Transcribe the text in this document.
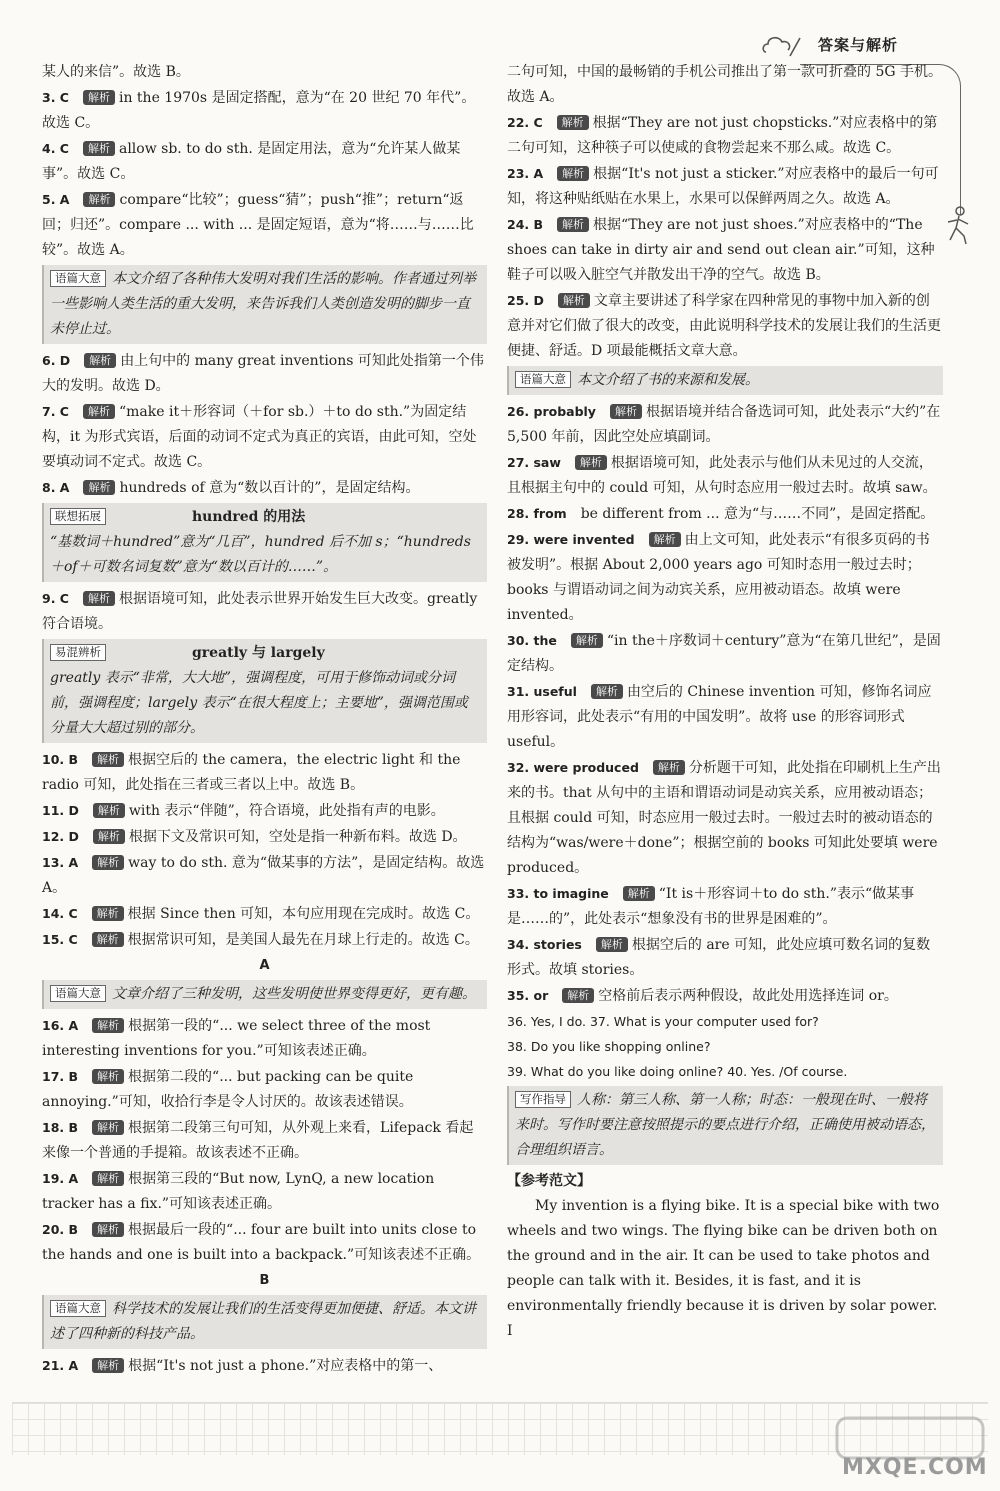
答案与解析
某人的来信”。故选 B。
3. C 解析 in the 1970s 是固定搭配，意为“在 20 世纪 70 年代”。故选 C。
4. C 解析 allow sb. to do sth. 是固定用法，意为“允许某人做某事”。故选 C。
5. A 解析 compare“比较”；guess“猜”；push“推”；return“返回；归还”。compare ... with ... 是固定短语，意为“将……与……比较”。故选 A。
语篇大意 本文介绍了各种伟大发明对我们生活的影响。作者通过列举一些影响人类生活的重大发明，来告诉我们人类创造发明的脚步一直未停止过。
6. D 解析 由上句中的 many great inventions 可知此处指第一个伟大的发明。故选 D。
7. C 解析 “make it＋形容词（＋for sb.）＋to do sth.”为固定结构，it 为形式宾语，后面的动词不定式为真正的宾语，由此可知，空处要填动词不定式。故选 C。
8. A 解析 hundreds of 意为“数以百计的”，是固定结构。
联想拓展	hundred 的用法
“基数词＋hundred”意为“几百”，hundred 后不加 s；“hundreds＋of＋可数名词复数”意为“数以百计的……”。
9. C 解析 根据语境可知，此处表示世界开始发生巨大改变。greatly 符合语境。
易混辨析	greatly 与 largely
greatly 表示“非常，大大地”，强调程度，可用于修饰动词或分词前，强调程度；largely 表示“在很大程度上；主要地”，强调范围或分量大大超过别的部分。
10. B 解析 根据空后的 the camera，the electric light 和 the radio 可知，此处指在三者或三者以上中。故选 B。
11. D 解析 with 表示“伴随”，符合语境，此处指有声的电影。
12. D 解析 根据下文及常识可知，空处是指一种新布料。故选 D。
13. A 解析 way to do sth. 意为“做某事的方法”，是固定结构。故选 A。
14. C 解析 根据 Since then 可知，本句应用现在完成时。故选 C。
15. C 解析 根据常识可知，是美国人最先在月球上行走的。故选 C。
A
语篇大意 文章介绍了三种发明，这些发明使世界变得更好，更有趣。
16. A 解析 根据第一段的“... we select three of the most interesting inventions for you.”可知该表述正确。
17. B 解析 根据第二段的“... but packing can be quite annoying.”可知，收拾行李是令人讨厌的。故该表述错误。
18. B 解析 根据第二段第三句可知，从外观上来看，Lifepack 看起来像一个普通的手提箱。故该表述不正确。
19. A 解析 根据第三段的“But now, LynQ, a new location tracker has a fix.”可知该表述正确。
20. B 解析 根据最后一段的“... four are built into units close to the hands and one is built into a backpack.”可知该表述不正确。
B
语篇大意 科学技术的发展让我们的生活变得更加便捷、舒适。本文讲述了四种新的科技产品。
21. A 解析 根据“It's not just a phone.”对应表格中的第一、
二句可知，中国的最畅销的手机公司推出了第一款可折叠的 5G 手机。故选 A。
22. C 解析 根据“They are not just chopsticks.”对应表格中的第二句可知，这种筷子可以使咸的食物尝起来不那么咸。故选 C。
23. A 解析 根据“It's not just a sticker.”对应表格中的最后一句可知，将这种贴纸贴在水果上，水果可以保鲜两周之久。故选 A。
24. B 解析 根据“They are not just shoes.”对应表格中的“The shoes can take in dirty air and send out clean air.”可知，这种鞋子可以吸入脏空气并散发出干净的空气。故选 B。
25. D 解析 文章主要讲述了科学家在四种常见的事物中加入新的创意并对它们做了很大的改变，由此说明科学技术的发展让我们的生活更便捷、舒适。D 项最能概括文章大意。
语篇大意 本文介绍了书的来源和发展。
26. probably 解析 根据语境并结合备选词可知，此处表示“大约”在 5,500 年前，因此空处应填副词。
27. saw 解析 根据语境可知，此处表示与他们从未见过的人交流，且根据主句中的 could 可知，从句时态应用一般过去时。故填 saw。
28. from be different from ... 意为“与……不同”，是固定搭配。
29. were invented 解析 由上文可知，此处表示“有很多页码的书被发明”。根据 About 2,000 years ago 可知时态用一般过去时；books 与谓语动词之间为动宾关系，应用被动语态。故填 were invented。
30. the 解析 “in the＋序数词＋century”意为“在第几世纪”，是固定结构。
31. useful 解析 由空后的 Chinese invention 可知，修饰名词应用形容词，此处表示“有用的中国发明”。故将 use 的形容词形式 useful。
32. were produced 解析 分析题干可知，此处指在印刷机上生产出来的书。that 从句中的主语和谓语动词是动宾关系，应用被动语态；且根据 could 可知，时态应用一般过去时。一般过去时的被动语态的结构为“was/were＋done”；根据空前的 books 可知此处要填 were produced。
33. to imagine 解析 “It is＋形容词＋to do sth.”表示“做某事是……的”，此处表示“想象没有书的世界是困难的”。
34. stories 解析 根据空后的 are 可知，此处应填可数名词的复数形式。故填 stories。
35. or 解析 空格前后表示两种假设，故此处用选择连词 or。
36. Yes, I do. 37. What is your computer used for?
38. Do you like shopping online?
39. What do you like doing online? 40. Yes. /Of course.
写作指导 人称：第三人称、第一人称；时态：一般现在时、一般将来时。写作时要注意按照提示的要点进行介绍，正确使用被动语态，合理组织语言。
【参考范文】
My invention is a flying bike. It is a special bike with two wheels and two wings. The flying bike can be driven both on the ground and in the air. It can be used to take photos and people can talk with it. Besides, it is fast, and it is environmentally friendly because it is driven by solar power. I
MXQE.COM
